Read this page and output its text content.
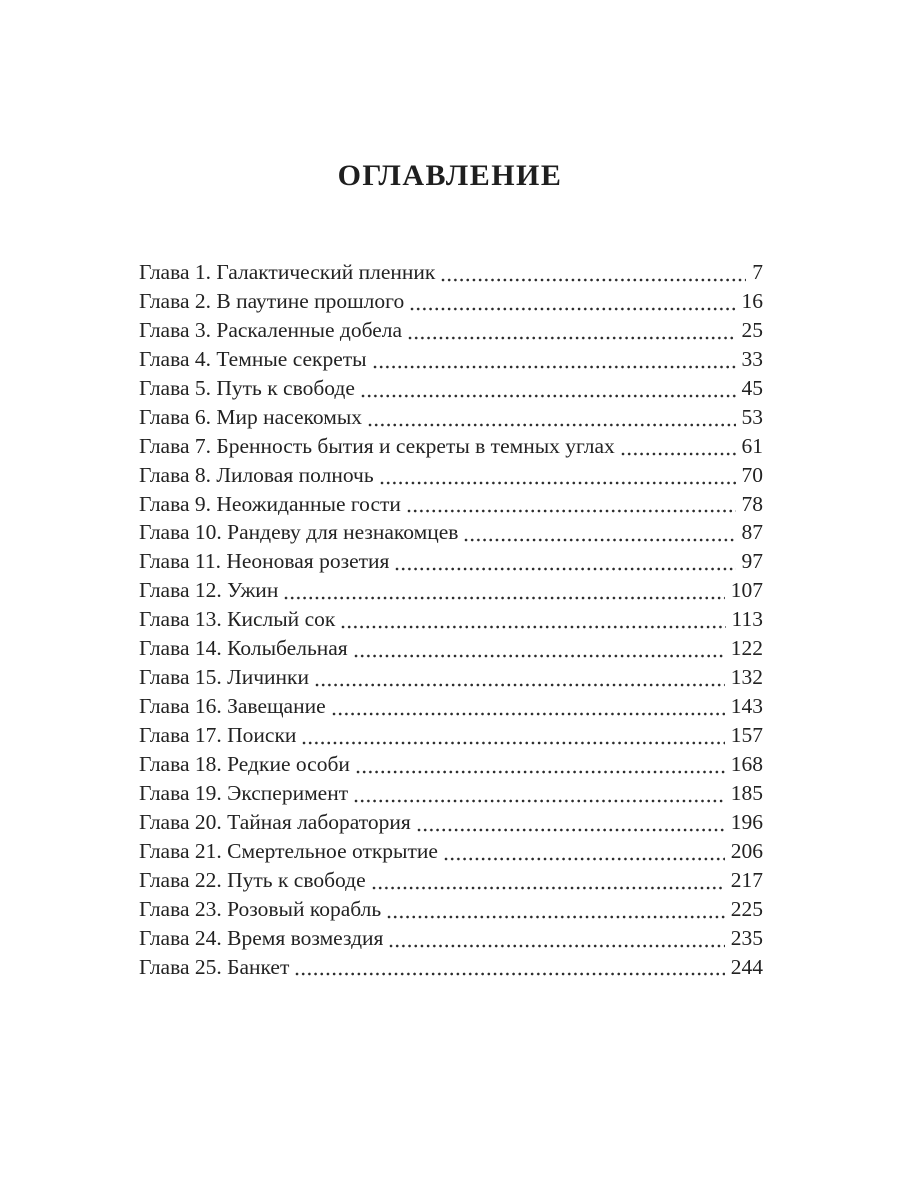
ОГЛАВЛЕНИЕ
Глава 1. Галактический пленник	7
Глава 2. В паутине прошлого	16
Глава 3. Раскаленные добела	25
Глава 4. Темные секреты	33
Глава 5. Путь к свободе	45
Глава 6. Мир насекомых	53
Глава 7. Бренность бытия и секреты в темных углах	61
Глава 8. Лиловая полночь	70
Глава 9. Неожиданные гости	78
Глава 10. Рандеву для незнакомцев	87
Глава 11. Неоновая розетия	97
Глава 12. Ужин	107
Глава 13. Кислый сок	113
Глава 14. Колыбельная	122
Глава 15. Личинки	132
Глава 16. Завещание	143
Глава 17. Поиски	157
Глава 18. Редкие особи	168
Глава 19. Эксперимент	185
Глава 20. Тайная лаборатория	196
Глава 21. Смертельное открытие	206
Глава 22. Путь к свободе	217
Глава 23. Розовый корабль	225
Глава 24. Время возмездия	235
Глава 25. Банкет	244
